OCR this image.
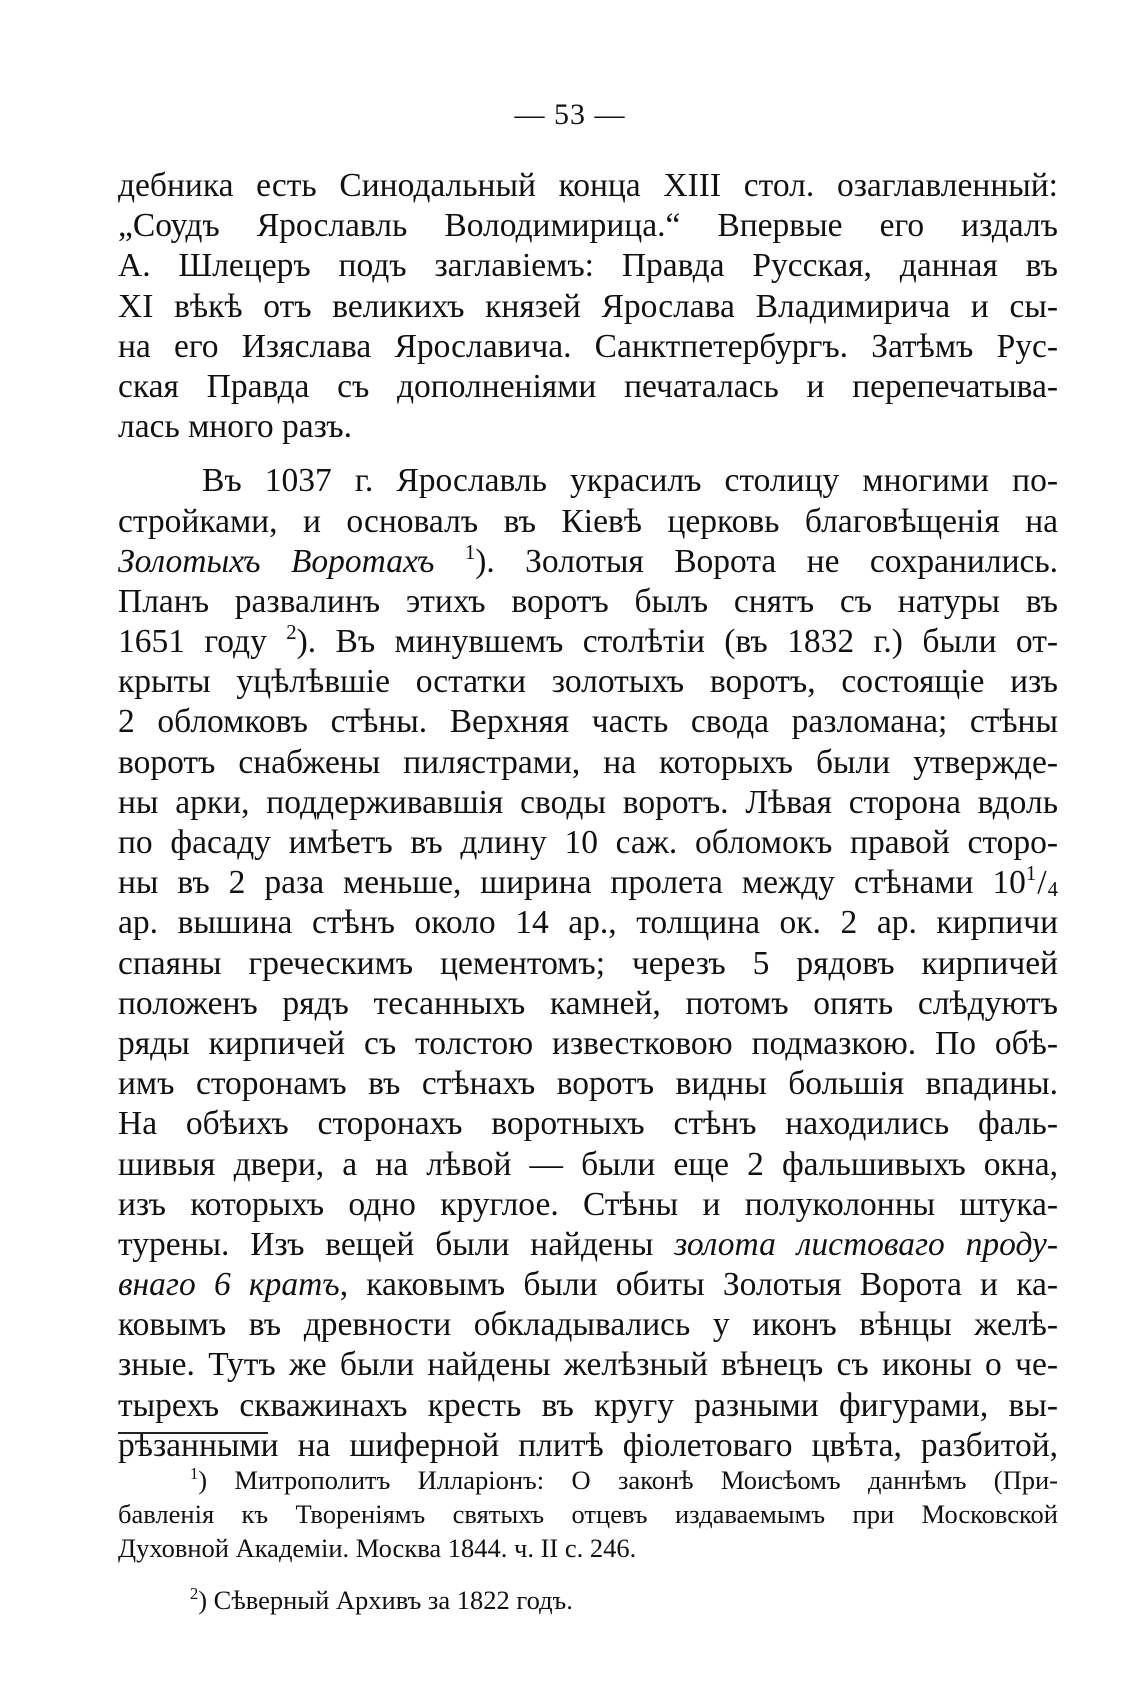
— 53 —
дебника есть Синодальный конца XIII стол. озаглавленный:
„Соудъ Ярославль Володимирица.“ Впервые его издалъ
А. Шлецеръ подъ заглавіемъ: Правда Русская, данная въ
XI вѣкѣ отъ великихъ князей Ярослава Владимирича и сы-
на его Изяслава Ярославича. Санктпетербургъ. Затѣмъ Рус-
ская Правда съ дополненіями печаталась и перепечатыва-
лась много разъ.
Въ 1037 г. Ярославль украсилъ столицу многими по-
стройками, и основалъ въ Кіевѣ церковь благовѣщенія на
Золотыхъ Воротахъ $^1$). Золотыя Ворота не сохранились.
Планъ развалинъ этихъ воротъ былъ снятъ съ натуры въ
1651 году $^2$). Въ минувшемъ столѣтіи (въ 1832 г.) были от-
крыты уцѣлѣвшіе остатки золотыхъ воротъ, состоящіе изъ
2 обломковъ стѣны. Верхняя часть свода разломана; стѣны
воротъ снабжены пилястрами, на которыхъ были утвержде-
ны арки, поддерживавшія своды воротъ. Лѣвая сторона вдоль
по фасаду имѣетъ въ длину 10 саж. обломокъ правой сторо-
ны въ 2 раза меньше, ширина пролета между стѣнами $10^1/_4$
ар. вышина стѣнъ около 14 ар., толщина ок. 2 ар. кирпичи
спаяны греческимъ цементомъ; черезъ 5 рядовъ кирпичей
положенъ рядъ тесанныхъ камней, потомъ опять слѣдуютъ
ряды кирпичей съ толстою известковою подмазкою. По обѣ-
имъ сторонамъ въ стѣнахъ воротъ видны большія впадины.
На обѣихъ сторонахъ воротныхъ стѣнъ находились фаль-
шивыя двери, а на лѣвой — были еще 2 фальшивыхъ окна,
изъ которыхъ одно круглое. Стѣны и полуколонны штука-
турены. Изъ вещей были найдены золота листоваго проду-
внаго 6 кратъ, каковымъ были обиты Золотыя Ворота и ка-
ковымъ въ древности обкладывались у иконъ вѣнцы желѣ-
зные. Тутъ же были найдены желѣзный вѣнецъ съ иконы о че-
тырехъ скважинахъ кресть въ кругу разными фигурами, вы-
рѣзанными на шиферной плитѣ фіолетоваго цвѣта, разбитой,
$^1$) Митрополитъ Илларіонъ: О законѣ Моисѣомъ даннѣмъ (При-
бавленія къ Твореніямъ святыхъ отцевъ издаваемымъ при Московской
Духовной Академіи. Москва 1844. ч. II с. 246.
$^2$) Сѣверный Архивъ за 1822 годъ.
